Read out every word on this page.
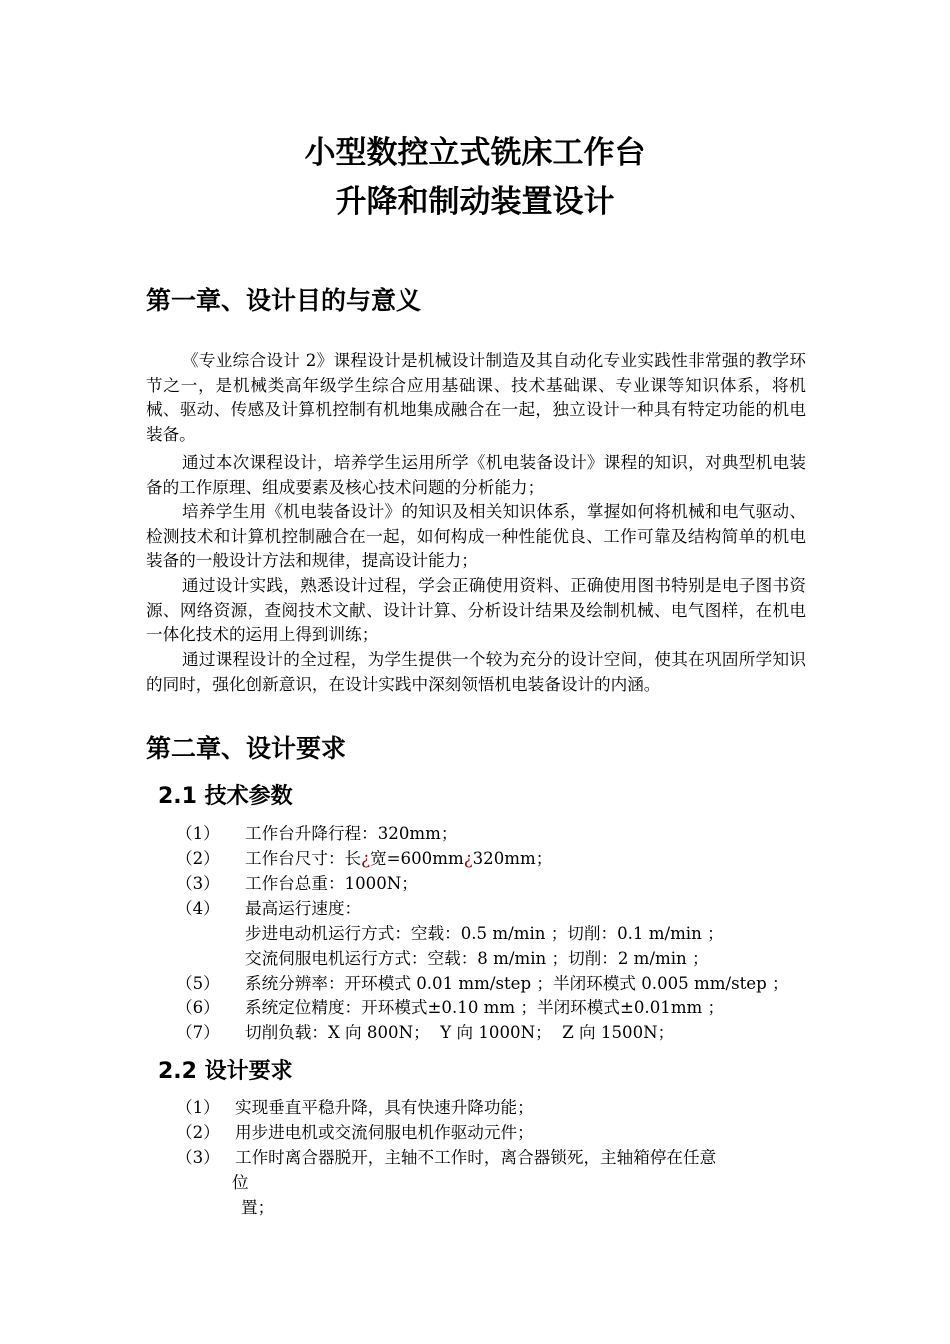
小型数控立式铣床工作台
升降和制动装置设计
第一章、设计目的与意义
《专业综合设计 2》课程设计是机械设计制造及其自动化专业实践性非常强的教学环节之一，是机械类高年级学生综合应用基础课、技术基础课、专业课等知识体系，将机械、驱动、传感及计算机控制有机地集成融合在一起，独立设计一种具有特定功能的机电装备。
通过本次课程设计，培养学生运用所学《机电装备设计》课程的知识，对典型机电装备的工作原理、组成要素及核心技术问题的分析能力；
培养学生用《机电装备设计》的知识及相关知识体系，掌握如何将机械和电气驱动、检测技术和计算机控制融合在一起，如何构成一种性能优良、工作可靠及结构简单的机电装备的一般设计方法和规律，提高设计能力；
通过设计实践，熟悉设计过程，学会正确使用资料、正确使用图书特别是电子图书资源、网络资源，查阅技术文献、设计计算、分析设计结果及绘制机械、电气图样，在机电一体化技术的运用上得到训练；
通过课程设计的全过程，为学生提供一个较为充分的设计空间，使其在巩固所学知识的同时，强化创新意识，在设计实践中深刻领悟机电装备设计的内涵。
第二章、设计要求
2.1 技术参数
（1） 工作台升降行程：320mm；
（2） 工作台尺寸：长¿宽=600mm¿320mm；
（3） 工作台总重：1000N；
（4） 最高运行速度：
步进电动机运行方式：空载：0.5 m/min ；切削：0.1 m/min ；
交流伺服电机运行方式：空载：8 m/min ；切削：2 m/min ；
（5） 系统分辨率：开环模式 0.01 mm/step ；半闭环模式 0.005 mm/step ；
（6） 系统定位精度：开环模式±0.10 mm ；半闭环模式±0.01mm ；
（7） 切削负载：X 向 800N；  Y 向 1000N；  Z 向 1500N；
2.2 设计要求
（1） 实现垂直平稳升降，具有快速升降功能；
（2） 用步进电机或交流伺服电机作驱动元件；
（3） 工作时离合器脱开，主轴不工作时，离合器锁死，主轴箱停在任意
位
置；
